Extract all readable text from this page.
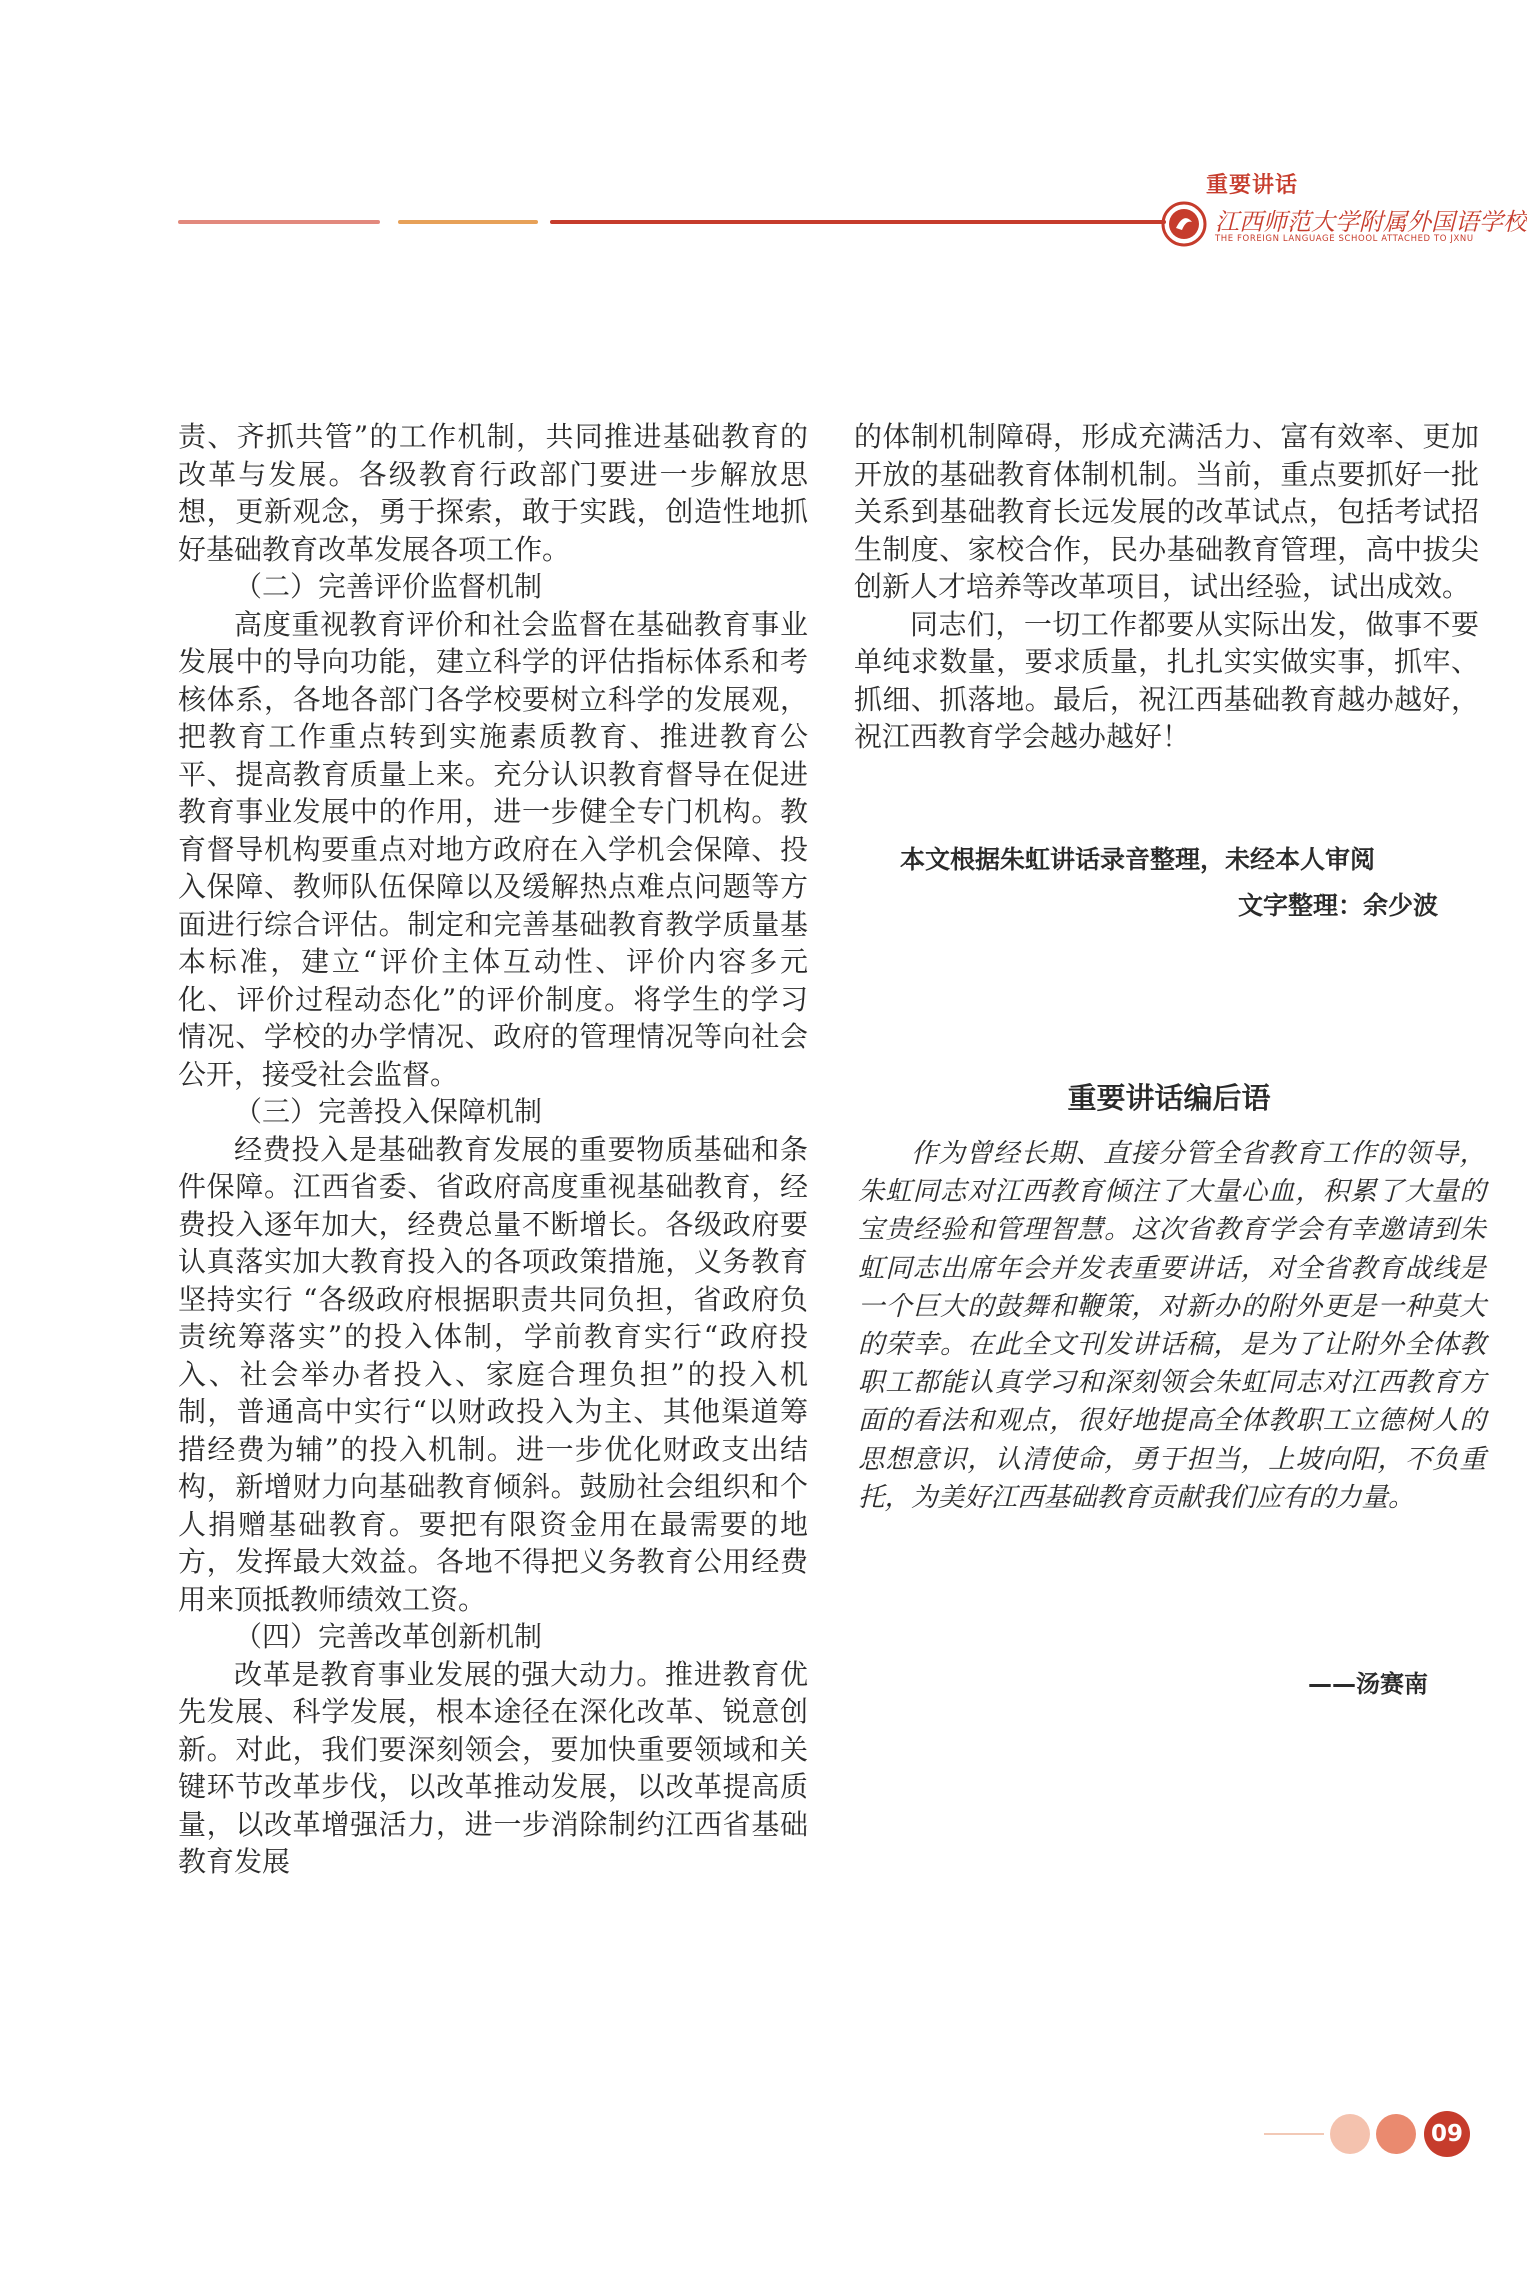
重要讲话
江西师范大学附属外国语学校
THE FOREIGN LANGUAGE SCHOOL ATTACHED TO JXNU

责、齐抓共管”的工作机制，共同推进基础教育的改革与发展。各级教育行政部门要进一步解放思想，更新观念，勇于探索，敢于实践，创造性地抓好基础教育改革发展各项工作。

（二）完善评价监督机制

高度重视教育评价和社会监督在基础教育事业发展中的导向功能，建立科学的评估指标体系和考核体系，各地各部门各学校要树立科学的发展观，把教育工作重点转到实施素质教育、推进教育公平、提高教育质量上来。充分认识教育督导在促进教育事业发展中的作用，进一步健全专门机构。教育督导机构要重点对地方政府在入学机会保障、投入保障、教师队伍保障以及缓解热点难点问题等方面进行综合评估。制定和完善基础教育教学质量基本标准，建立“评价主体互动性、评价内容多元化、评价过程动态化”的评价制度。将学生的学习情况、学校的办学情况、政府的管理情况等向社会公开，接受社会监督。

（三）完善投入保障机制

经费投入是基础教育发展的重要物质基础和条件保障。江西省委、省政府高度重视基础教育，经费投入逐年加大，经费总量不断增长。各级政府要认真落实加大教育投入的各项政策措施，义务教育坚持实行 “各级政府根据职责共同负担，省政府负责统筹落实”的投入体制，学前教育实行“政府投入、社会举办者投入、家庭合理负担”的投入机制，普通高中实行“以财政投入为主、其他渠道筹措经费为辅”的投入机制。进一步优化财政支出结构，新增财力向基础教育倾斜。鼓励社会组织和个人捐赠基础教育。要把有限资金用在最需要的地方，发挥最大效益。各地不得把义务教育公用经费用来顶抵教师绩效工资。

（四）完善改革创新机制

改革是教育事业发展的强大动力。推进教育优先发展、科学发展，根本途径在深化改革、锐意创新。对此，我们要深刻领会，要加快重要领域和关键环节改革步伐，以改革推动发展，以改革提高质量，以改革增强活力，进一步消除制约江西省基础教育发展

的体制机制障碍，形成充满活力、富有效率、更加开放的基础教育体制机制。当前，重点要抓好一批关系到基础教育长远发展的改革试点，包括考试招生制度、家校合作，民办基础教育管理，高中拔尖创新人才培养等改革项目，试出经验，试出成效。

同志们，一切工作都要从实际出发，做事不要单纯求数量，要求质量，扎扎实实做实事，抓牢、抓细、抓落地。最后，祝江西基础教育越办越好，祝江西教育学会越办越好！

本文根据朱虹讲话录音整理，未经本人审阅
文字整理：余少波
重要讲话编后语

作为曾经长期、直接分管全省教育工作的领导，朱虹同志对江西教育倾注了大量心血，积累了大量的宝贵经验和管理智慧。这次省教育学会有幸邀请到朱虹同志出席年会并发表重要讲话，对全省教育战线是一个巨大的鼓舞和鞭策，对新办的附外更是一种莫大的荣幸。在此全文刊发讲话稿，是为了让附外全体教职工都能认真学习和深刻领会朱虹同志对江西教育方面的看法和观点，很好地提高全体教职工立德树人的思想意识，认清使命，勇于担当，上坡向阳，不负重托，为美好江西基础教育贡献我们应有的力量。

——汤赛南
09
